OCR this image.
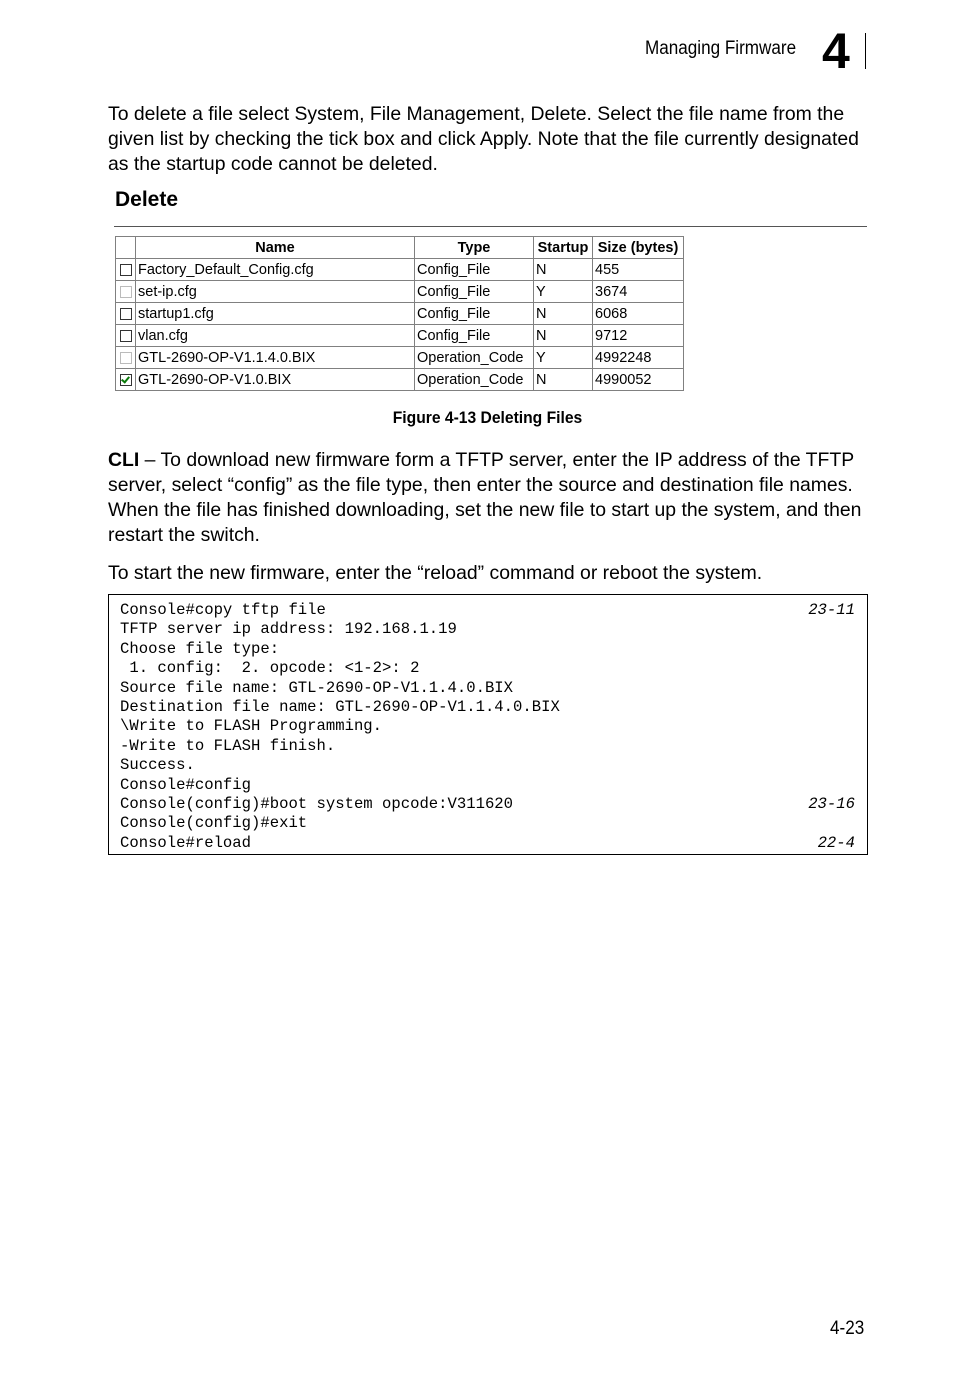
Managing Firmware 4

To delete a file select System, File Management, Delete. Select the file name from the given list by checking the tick box and click Apply. Note that the file currently designated as the startup code cannot be deleted.

Delete
	Name	Type	Startup	Size (bytes)
	Factory_Default_Config.cfg	Config_File	N	455
	set-ip.cfg	Config_File	Y	3674
	startup1.cfg	Config_File	N	6068
	vlan.cfg	Config_File	N	9712
	GTL-2690-OP-V1.1.4.0.BIX	Operation_Code	Y	4992248
	GTL-2690-OP-V1.0.BIX	Operation_Code	N	4990052
Figure 4-13 Deleting Files

CLI – To download new firmware form a TFTP server, enter the IP address of the TFTP server, select “config” as the file type, then enter the source and destination file names. When the file has finished downloading, set the new file to start up the system, and then restart the switch.

To start the new firmware, enter the “reload” command or reboot the system.

Console#copy tftp file	23-11
TFTP server ip address: 192.168.1.19
Choose file type:
1. config:  2. opcode: <1-2>: 2
Source file name: GTL-2690-OP-V1.1.4.0.BIX
Destination file name: GTL-2690-OP-V1.1.4.0.BIX
\Write to FLASH Programming.
-Write to FLASH finish.
Success.
Console#config
Console(config)#boot system opcode:V311620	23-16
Console(config)#exit
Console#reload	22-4
4-23
